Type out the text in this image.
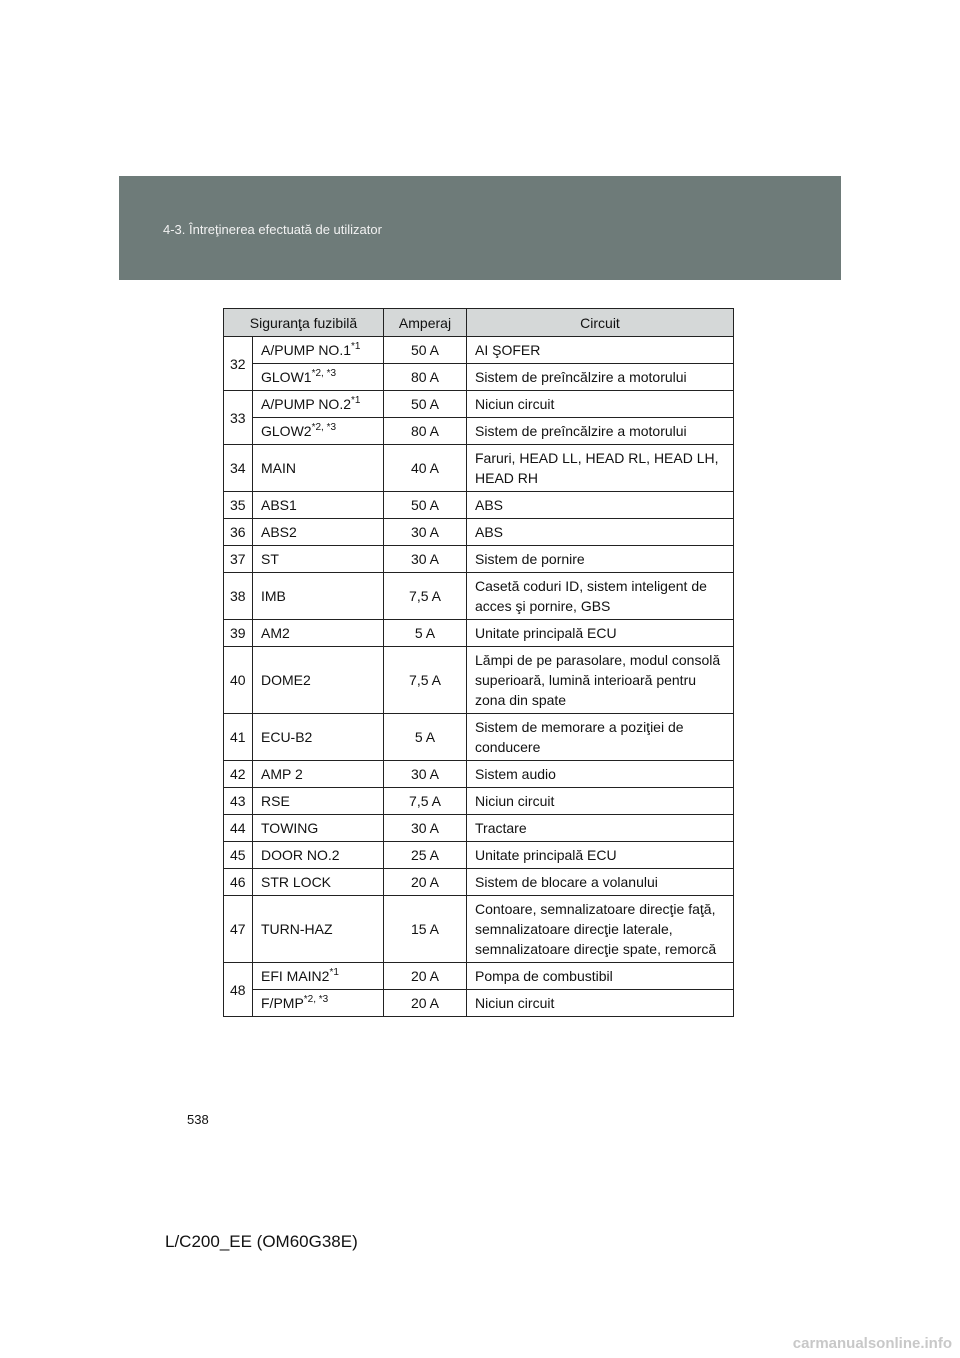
4-3. Întreţinerea efectuată de utilizator
Siguranţa fuzibilă		Amperaj	Circuit
32	A/PUMP NO.1$^{*1}$	50 A	AI ŞOFER
	GLOW1$^{*2, *3}$	80 A	Sistem de preîncălzire a motorului
33	A/PUMP NO.2$^{*1}$	50 A	Niciun circuit
	GLOW2$^{*2, *3}$	80 A	Sistem de preîncălzire a motorului
34	MAIN	40 A	Faruri, HEAD LL, HEAD RL, HEAD LH, HEAD RH
35	ABS1	50 A	ABS
36	ABS2	30 A	ABS
37	ST	30 A	Sistem de pornire
38	IMB	7,5 A	Casetă coduri ID, sistem inteligent de acces şi pornire, GBS
39	AM2	5 A	Unitate principală ECU
40	DOME2	7,5 A	Lămpi de pe parasolare, modul consolă superioară, lumină interioară pentru zona din spate
41	ECU-B2	5 A	Sistem de memorare a poziţiei de conducere
42	AMP 2	30 A	Sistem audio
43	RSE	7,5 A	Niciun circuit
44	TOWING	30 A	Tractare
45	DOOR NO.2	25 A	Unitate principală ECU
46	STR LOCK	20 A	Sistem de blocare a volanului
47	TURN-HAZ	15 A	Contoare, semnalizatoare direcţie faţă, semnalizatoare direcţie laterale, semnalizatoare direcţie spate, remorcă
48	EFI MAIN2$^{*1}$	20 A	Pompa de combustibil
	F/PMP$^{*2, *3}$	20 A	Niciun circuit
538
L/C200_EE (OM60G38E)
carmanualsonline.info
